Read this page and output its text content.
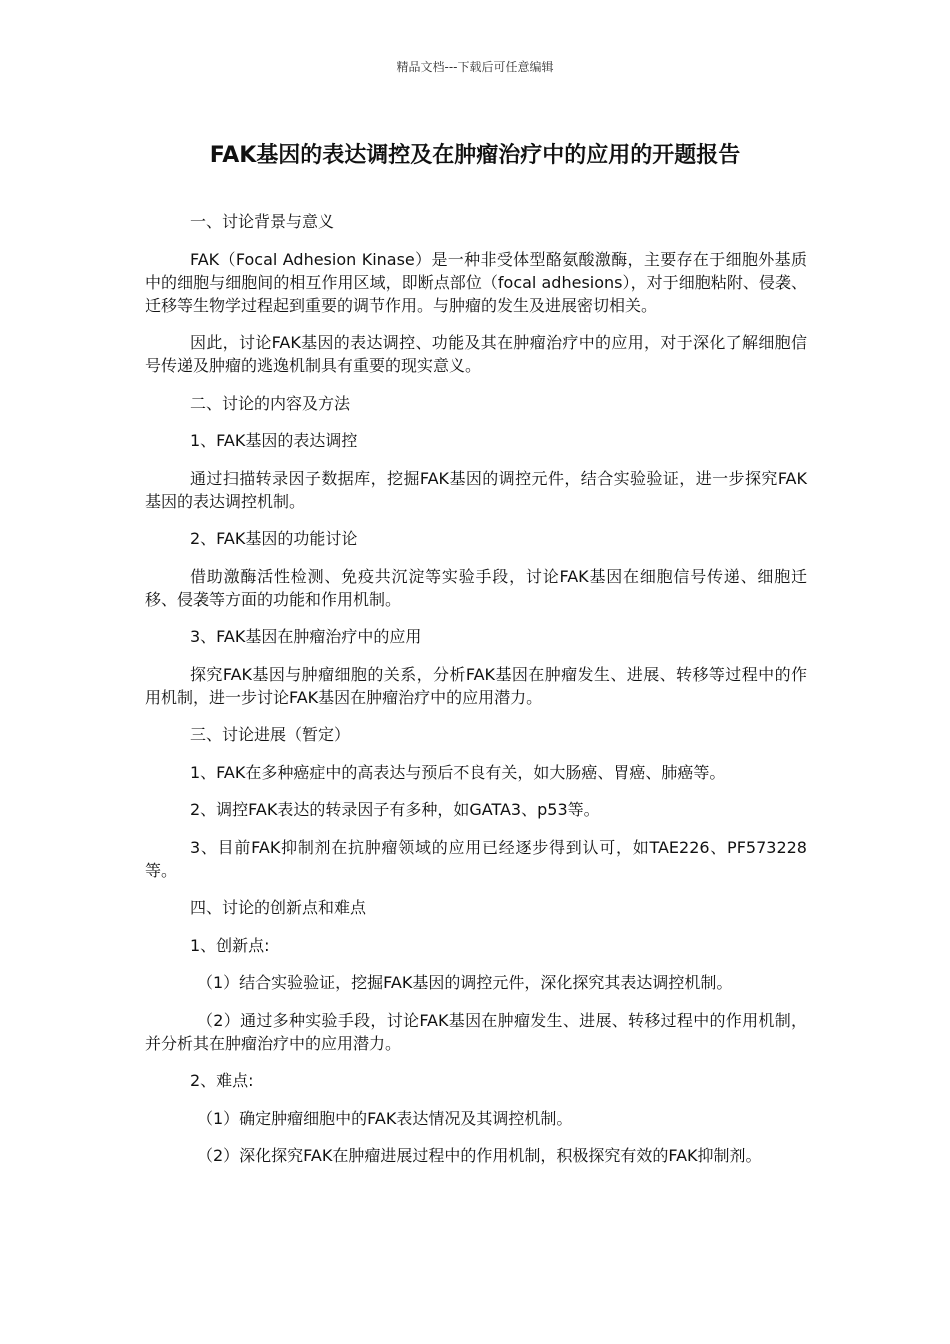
精品文档---下载后可任意编辑
FAK基因的表达调控及在肿瘤治疗中的应用的开题报告

一、讨论背景与意义

FAK（Focal Adhesion Kinase）是一种非受体型酪氨酸激酶，主要存在于细胞外基质中的细胞与细胞间的相互作用区域，即断点部位（focal adhesions），对于细胞粘附、侵袭、迁移等生物学过程起到重要的调节作用。与肿瘤的发生及进展密切相关。

因此，讨论FAK基因的表达调控、功能及其在肿瘤治疗中的应用，对于深化了解细胞信号传递及肿瘤的逃逸机制具有重要的现实意义。

二、讨论的内容及方法

1、FAK基因的表达调控

通过扫描转录因子数据库，挖掘FAK基因的调控元件，结合实验验证，进一步探究FAK基因的表达调控机制。

2、FAK基因的功能讨论

借助激酶活性检测、免疫共沉淀等实验手段，讨论FAK基因在细胞信号传递、细胞迁移、侵袭等方面的功能和作用机制。

3、FAK基因在肿瘤治疗中的应用

探究FAK基因与肿瘤细胞的关系，分析FAK基因在肿瘤发生、进展、转移等过程中的作用机制，进一步讨论FAK基因在肿瘤治疗中的应用潜力。

三、讨论进展（暂定）

1、FAK在多种癌症中的高表达与预后不良有关，如大肠癌、胃癌、肺癌等。

2、调控FAK表达的转录因子有多种，如GATA3、p53等。

3、目前FAK抑制剂在抗肿瘤领域的应用已经逐步得到认可，如TAE226、PF573228等。

四、讨论的创新点和难点

1、创新点:

（1）结合实验验证，挖掘FAK基因的调控元件，深化探究其表达调控机制。

（2）通过多种实验手段，讨论FAK基因在肿瘤发生、进展、转移过程中的作用机制，并分析其在肿瘤治疗中的应用潜力。

2、难点:

（1）确定肿瘤细胞中的FAK表达情况及其调控机制。

（2）深化探究FAK在肿瘤进展过程中的作用机制，积极探究有效的FAK抑制剂。
